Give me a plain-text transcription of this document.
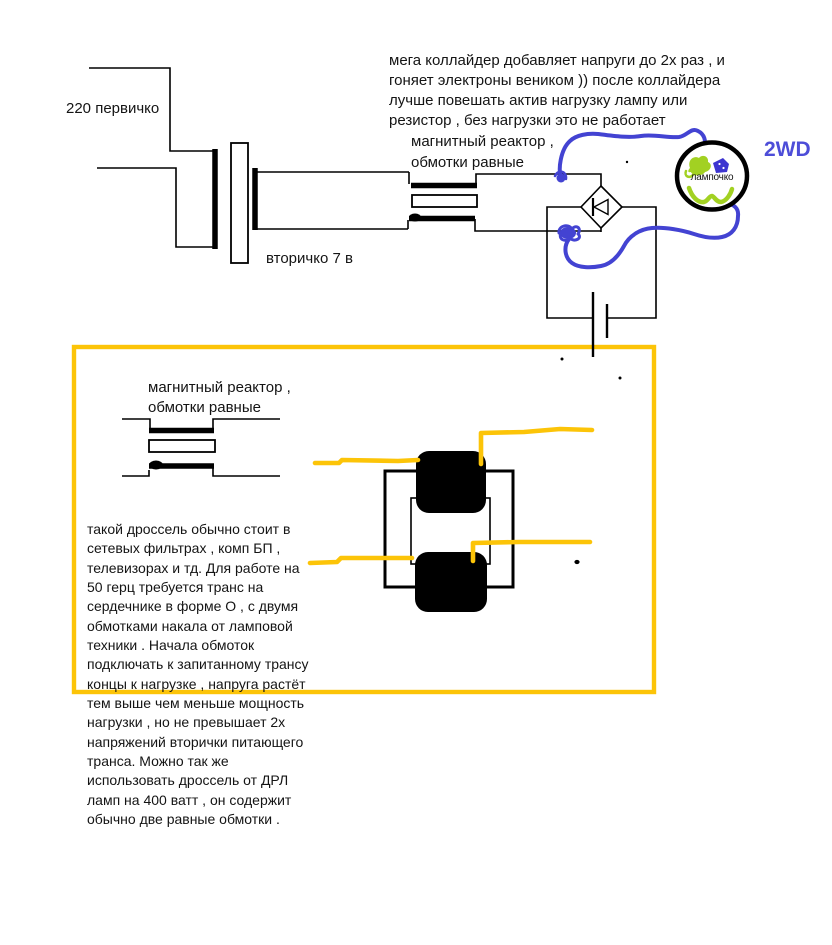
мега коллайдер добавляет напруги до 2х раз , и
гоняет электроны веником )) после коллайдера
лучше повешать актив нагрузку лампу или
резистор , без нагрузки это не работает
220 первичко
магнитный реактор ,
обмотки равные
2WD
вторичко 7 в
лампочко
магнитный реактор ,
обмотки равные
такой дроссель обычно стоит в
сетевых фильтрах , комп БП ,
телевизорах и тд. Для работе на
50 герц требуется транс на
сердечнике в форме О , с двумя
обмотками накала от ламповой
техники . Начала обмоток
подключать к запитанному трансу
концы к нагрузке , напруга растёт
тем выше чем меньше мощность
нагрузки , но не превышает 2х
напряжений вторички питающего
транса. Можно так же
использовать дроссель от ДРЛ
ламп на 400 ватт , он содержит
обычно две равные обмотки .
